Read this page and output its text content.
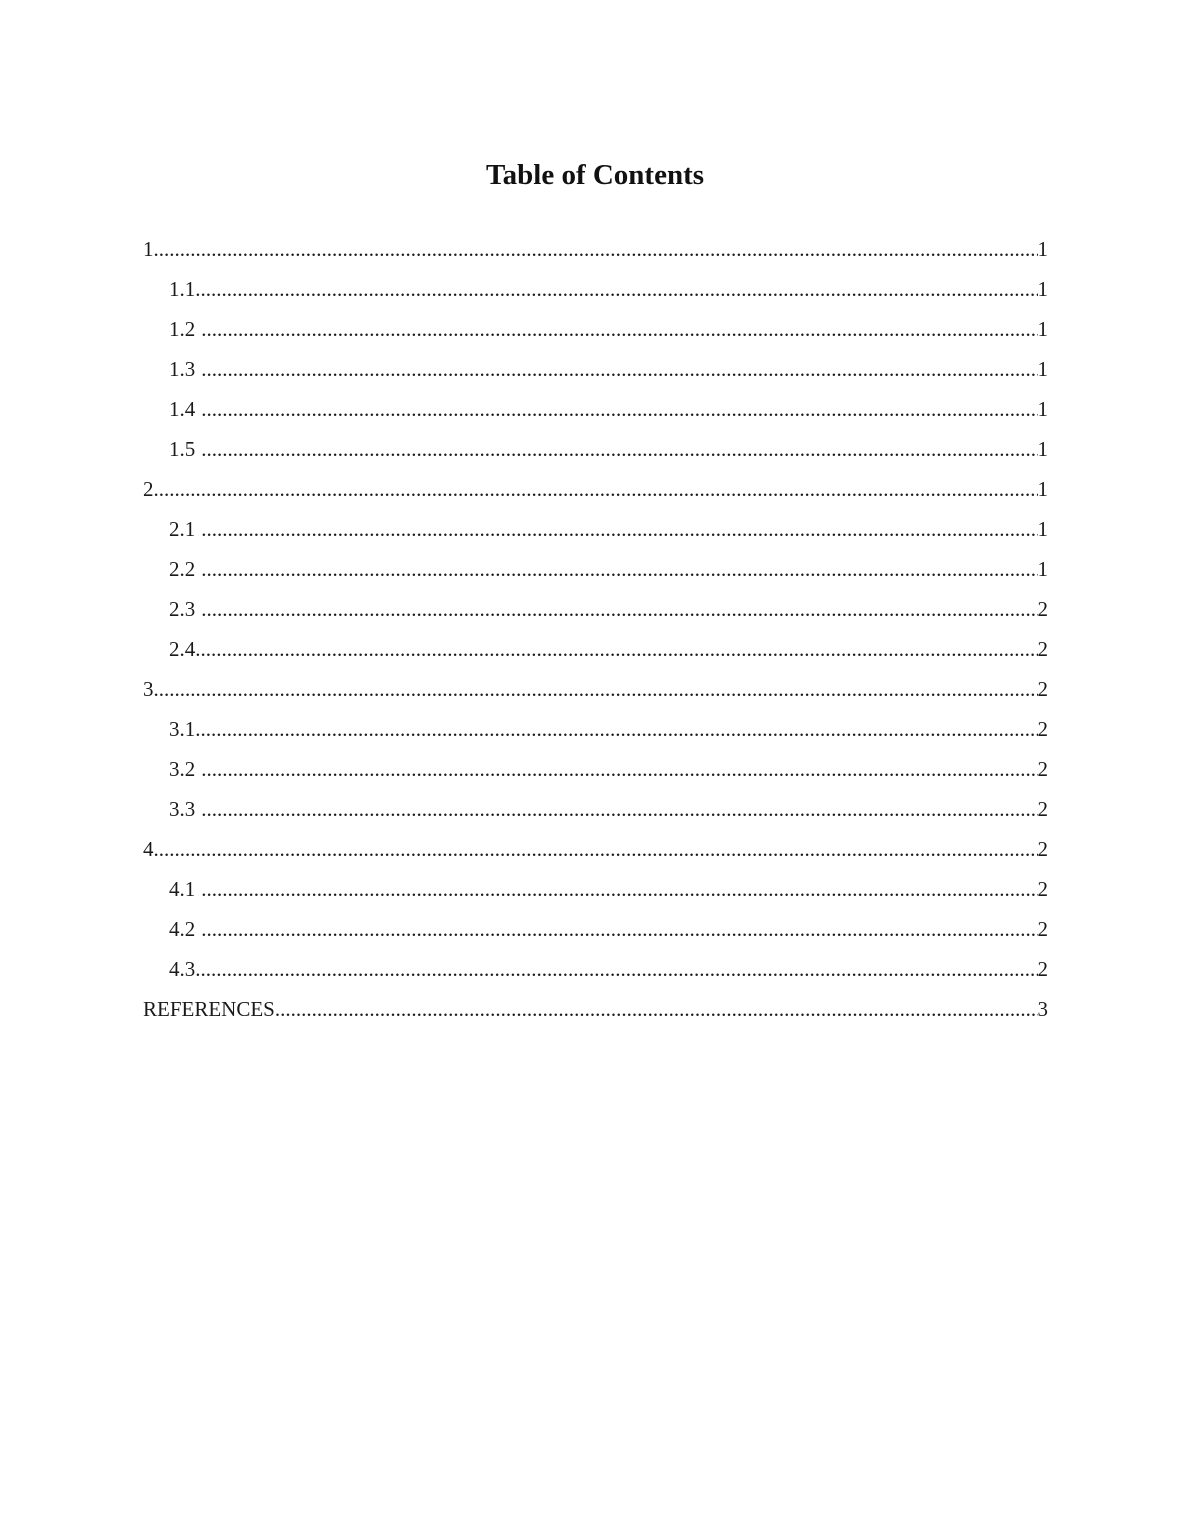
Table of Contents
1 .....	1
1.1 .....	1
1.2 .....	1
1.3 .....	1
1.4 .....	1
1.5 .....	1
2 .....	1
2.1 .....	1
2.2 .....	1
2.3 .....	2
2.4 .....	2
3 .....	2
3.1 .....	2
3.2 .....	2
3.3 .....	2
4 .....	2
4.1 .....	2
4.2 .....	2
4.3 .....	2
REFERENCES .....	3
